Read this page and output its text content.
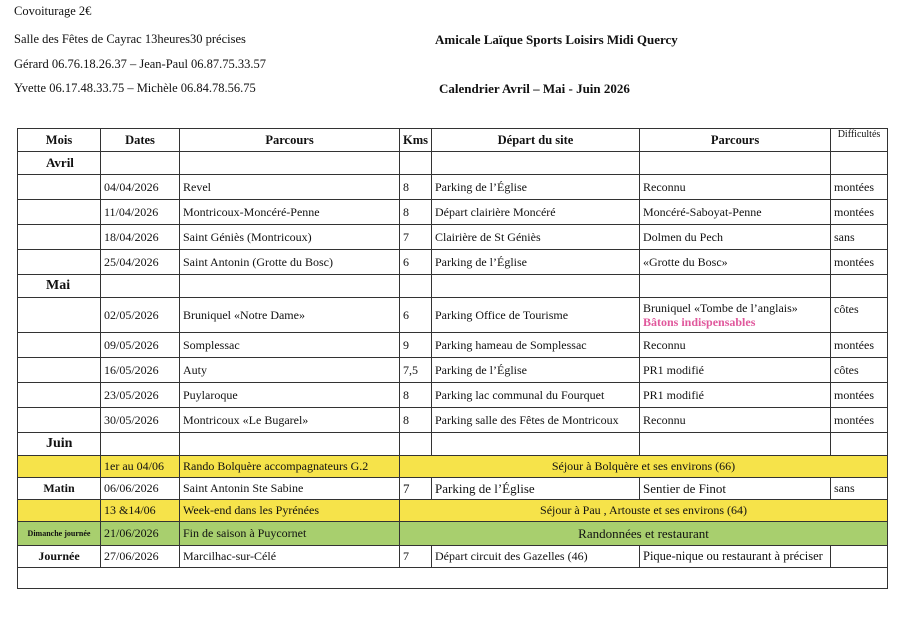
Covoiturage 2€
Salle des Fêtes de Cayrac 13heures30 précises
Gérard 06.76.18.26.37 – Jean-Paul 06.87.75.33.57
Yvette 06.17.48.33.75 – Michèle 06.84.78.56.75
Amicale Laïque Sports Loisirs Midi Quercy
Calendrier Avril – Mai - Juin 2026
Mois	Dates	Parcours	Kms	Départ du site	Parcours	Difficultés
Avril						
	04/04/2026	Revel	8	Parking de l’Église	Reconnu	montées
	11/04/2026	Montricoux-Moncéré-Penne	8	Départ clairière Moncéré	Moncéré-Saboyat-Penne	montées
	18/04/2026	Saint Géniès (Montricoux)	7	Clairière de St Géniès	Dolmen du Pech	sans
	25/04/2026	Saint Antonin (Grotte du Bosc)	6	Parking de l’Église	«Grotte du Bosc»	montées
Mai						
	02/05/2026	Bruniquel «Notre Dame»	6	Parking Office de Tourisme	Bruniquel «Tombe de l’anglais»
Bâtons indispensables	côtes
	09/05/2026	Somplessac	9	Parking hameau de Somplessac	Reconnu	montées
	16/05/2026	Auty	7,5	Parking de l’Église	PR1 modifié	côtes
	23/05/2026	Puylaroque	8	Parking lac communal du Fourquet	PR1 modifié	montées
	30/05/2026	Montricoux «Le Bugarel»	8	Parking salle des Fêtes de Montricoux	Reconnu	montées
Juin						
	1er au 04/06	Rando Bolquère accompagnateurs G.2	Séjour à Bolquère et ses environs (66)			
Matin	06/06/2026	Saint Antonin Ste Sabine	7	Parking de l’Église	Sentier de Finot	sans
	13 &14/06	Week-end dans les Pyrénées	Séjour à Pau , Artouste et ses environs (64)			
Dimanche journée	21/06/2026	Fin de saison à Puycornet	Randonnées et restaurant			
Journée	27/06/2026	Marcilhac-sur-Célé	7	Départ circuit des Gazelles (46)	Pique-nique ou restaurant à préciser	
